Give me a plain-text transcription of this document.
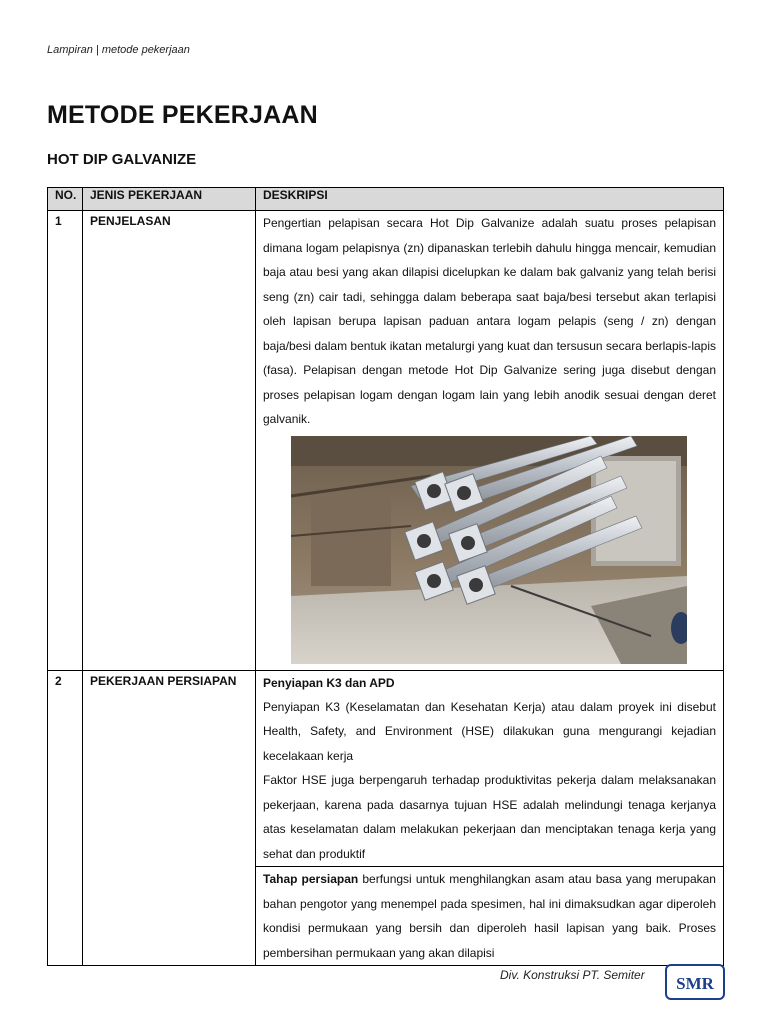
Lampiran | metode pekerjaan
METODE PEKERJAAN
HOT DIP GALVANIZE
NO.	JENIS PEKERJAAN	DESKRIPSI
1	PENJELASAN	Pengertian pelapisan secara Hot Dip Galvanize adalah suatu proses pelapisan dimana logam pelapisnya (zn) dipanaskan terlebih dahulu hingga mencair, kemudian baja atau besi yang akan dilapisi dicelupkan ke dalam bak galvaniz yang telah berisi seng (zn) cair tadi, sehingga dalam beberapa saat baja/besi tersebut akan terlapisi oleh lapisan berupa lapisan paduan antara logam pelapis (seng / zn) dengan baja/besi dalam bentuk ikatan metalurgi yang kuat dan tersusun secara berlapis-lapis (fasa). Pelapisan dengan metode Hot Dip Galvanize sering juga disebut dengan proses pelapisan logam dengan logam lain yang lebih anodik sesuai dengan deret galvanik.

2	PEKERJAAN PERSIAPAN	Penyiapan K3 dan APD

Penyiapan K3 (Keselamatan dan Kesehatan Kerja) atau dalam proyek ini disebut Health, Safety, and Environment (HSE) dilakukan guna mengurangi kejadian kecelakaan kerja

Faktor HSE juga berpengaruh terhadap produktivitas pekerja dalam melaksanakan pekerjaan, karena pada dasarnya tujuan HSE adalah melindungi tenaga kerjanya atas keselamatan dalam melakukan pekerjaan dan menciptakan tenaga kerja yang sehat dan produktif

		Tahap persiapan berfungsi untuk menghilangkan asam atau basa yang merupakan bahan pengotor yang menempel pada spesimen, hal ini dimaksudkan agar diperoleh kondisi permukaan yang bersih dan diperoleh hasil lapisan yang baik. Proses pembersihan permukaan yang akan dilapisi

Div. Konstruksi PT. Semiter SMR
